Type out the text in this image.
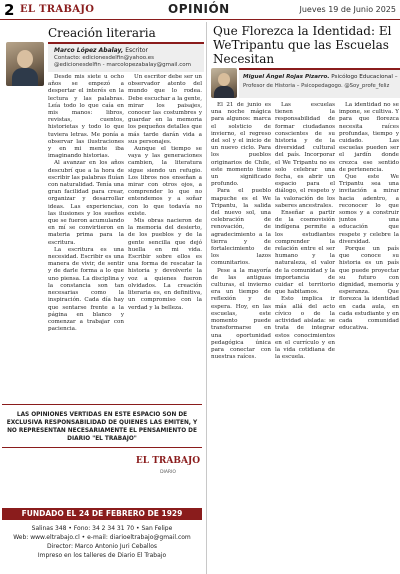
2 EL TRABAJO	OPINIÓN	Jueves 19 de Junio 2025
Creación literaria
Marco López Abalay, Escritor
Contacto: edicionesdelfin@yahoo.es
@edicionesdelfin - marcolopezabalay@gmail.com

Desde mis siete u ocho años se empezó a despertar el interés en la lectura y las palabras. Leía todo lo que caía en mis manos: libros, revistas, cuentos, historietas y todo lo que tuviera letras. Me ponía a observar las ilustraciones y en mi mente iba imaginando historias.

Al avanzar en los años descubrí que a la hora de escribir las palabras fluían con naturalidad. Tenía una gran facilidad para crear, organizar y desarrollar ideas. Las experiencias, las ilusiones y los sueños que se fueron acumulando en mí se convirtieron en materia prima para la escritura.

La escritura es una necesidad. Escribir es una manera de vivir, de sentir y de darle forma a lo que uno piensa. La disciplina y la constancia son tan necesarias como la inspiración. Cada día hay que sentarse frente a la página en blanco y comenzar a trabajar con paciencia.

Un escritor debe ser un observador atento del mundo que lo rodea. Debe escuchar a la gente, mirar los paisajes, conocer las costumbres y guardar en la memoria los pequeños detalles que más tarde darán vida a sus personajes.

Aunque el tiempo se vaya y las generaciones cambien, la literatura sigue siendo un refugio. Los libros nos enseñan a mirar con otros ojos, a comprender lo que no entendemos y a soñar con lo que todavía no existe.

Mis obras nacieron de la memoria del desierto, de los pueblos y de la gente sencilla que dejó huella en mi vida. Escribir sobre ellos es una forma de rescatar la historia y devolverle la voz a quienes fueron olvidados. La creación literaria es, en definitiva, un compromiso con la verdad y la belleza.

LAS OPINIONES VERTIDAS EN ESTE ESPACIO SON DE EXCLUSIVA RESPONSABILIDAD DE QUIENES LAS EMITEN, Y NO REPRESENTAN NECESARIAMENTE EL PENSAMIENTO DE DIARIO "EL TRABAJO"
EL TRABAJO
DIARIO
FUNDADO EL 24 DE FEBRERO DE 1929
Salinas 348 • Fono: 34 2 34 31 70 • San Felipe
Web: www.eltrabajo.cl • e-mail: diarioeltrabajo@gmail.com
Director: Marco Antonio Juri Ceballos
Impreso en los talleres de Diario El Trabajo
Que Florezca la Identidad: El WeTripantu que las Escuelas Necesitan
Miguel Ángel Rojas Pizarro. Psicólogo Educacional –
Profesor de Historia – Psicopedagogo. @Soy_profe_feliz

El 21 de junio es una noche mágica para algunos: marca el solsticio de invierno, el regreso del sol y el inicio de un nuevo ciclo. Para los pueblos originarios de Chile, este momento tiene un significado profundo.

Para el pueblo mapuche es el We Tripantu, la salida del nuevo sol, una celebración de renovación, de agradecimiento a la tierra y de fortalecimiento de los lazos comunitarios.

Pese a la mayoría de las antiguas culturas, el invierno era un tiempo de reflexión y de espera. Hoy, en las escuelas, este momento puede transformarse en una oportunidad pedagógica única para conectar con nuestras raíces.

Las escuelas tienen la responsabilidad de formar ciudadanos conscientes de su historia y de la diversidad cultural del país. Incorporar el We Tripantu no es solo celebrar una fecha, es abrir un espacio para el diálogo, el respeto y la valoración de los saberes ancestrales.

Enseñar a partir de la cosmovisión indígena permite a los estudiantes comprender la relación entre el ser humano y la naturaleza, el valor de la comunidad y la importancia de cuidar el territorio que habitamos.

Esto implica ir más allá del acto cívico o de la actividad aislada: se trata de integrar estos conocimientos en el currículo y en la vida cotidiana de la escuela.

La identidad no se impone, se cultiva. Y para que florezca necesita raíces profundas, tiempo y cuidado. Las escuelas pueden ser el jardín donde crezca ese sentido de pertenencia.

Que este We Tripantu sea una invitación a mirar hacia adentro, a reconocer lo que somos y a construir juntos una educación que respete y celebre la diversidad.

Porque un país que conoce su historia es un país que puede proyectar su futuro con dignidad, memoria y esperanza. Que florezca la identidad en cada aula, en cada estudiante y en cada comunidad educativa.
